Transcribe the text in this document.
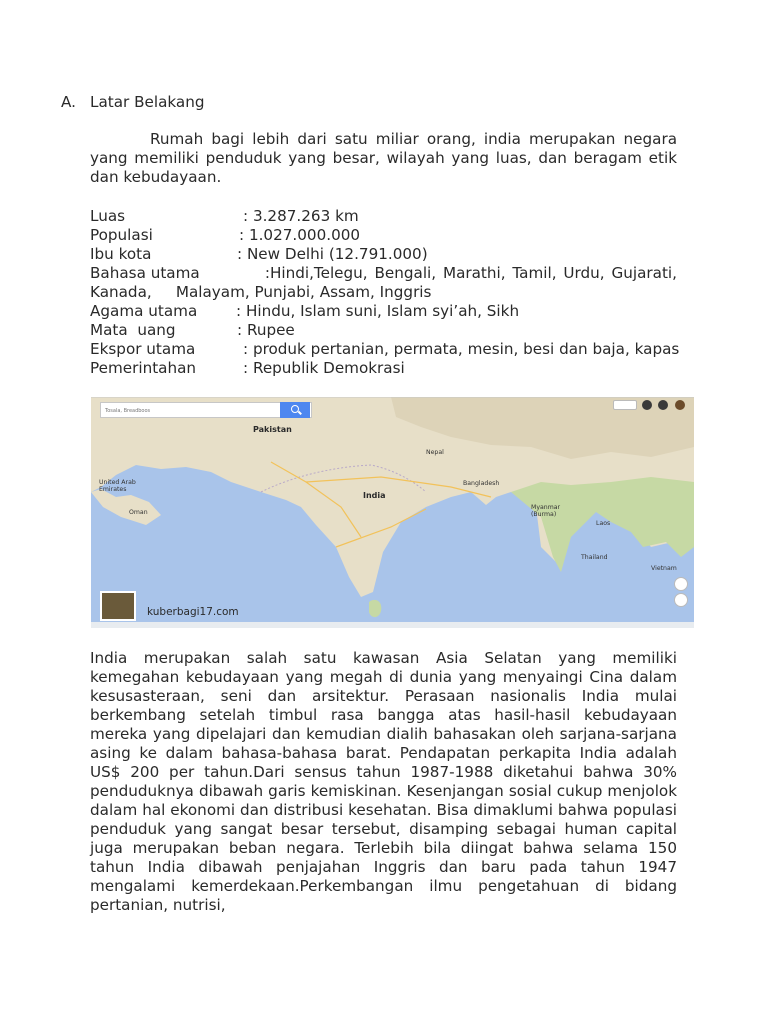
A. Latar Belakang
Rumah bagi lebih dari satu miliar orang, india merupakan negara yang memiliki penduduk yang besar, wilayah yang luas, dan beragam etik dan kebudayaan.
Luas	: 3.287.263 km
Populasi	: 1.027.000.000
Ibu kota	: New Delhi (12.791.000)
Bahasa utama	:Hindi,Telegu, Bengali, Marathi, Tamil, Urdu, Gujarati,
Kanada,     Malayam, Punjabi, Assam, Inggris
Agama utama	: Hindu, Islam suni, Islam syi’ah, Sikh
Mata  uang	: Rupee
Ekspor utama	: produk pertanian, permata, mesin, besi dan baja, kapas
Pemerintahan	: Republik Demokrasi
Tosala, Breadboos
Pakistan
India
Nepal
Bangladesh
Myanmar
(Burma)
Laos
Thailand
Vietnam
United Arab
Emirates
Oman
kuberbagi17.com
India merupakan salah satu kawasan Asia Selatan yang memiliki kemegahan kebudayaan yang megah di dunia yang menyaingi Cina dalam kesusasteraan, seni dan arsitektur. Perasaan nasionalis India mulai berkembang setelah timbul rasa bangga atas hasil-hasil kebudayaan mereka yang dipelajari dan kemudian dialih bahasakan oleh sarjana-sarjana asing ke dalam bahasa-bahasa barat. Pendapatan perkapita India adalah US$ 200 per tahun.Dari sensus tahun 1987-1988 diketahui bahwa 30% penduduknya dibawah garis kemiskinan. Kesenjangan sosial cukup menjolok dalam hal ekonomi dan distribusi kesehatan. Bisa dimaklumi bahwa populasi penduduk yang sangat besar tersebut, disamping sebagai human capital juga merupakan beban negara. Terlebih bila diingat bahwa selama 150 tahun India dibawah penjajahan Inggris dan baru pada tahun 1947 mengalami kemerdekaan.Perkembangan ilmu pengetahuan di bidang pertanian, nutrisi,
